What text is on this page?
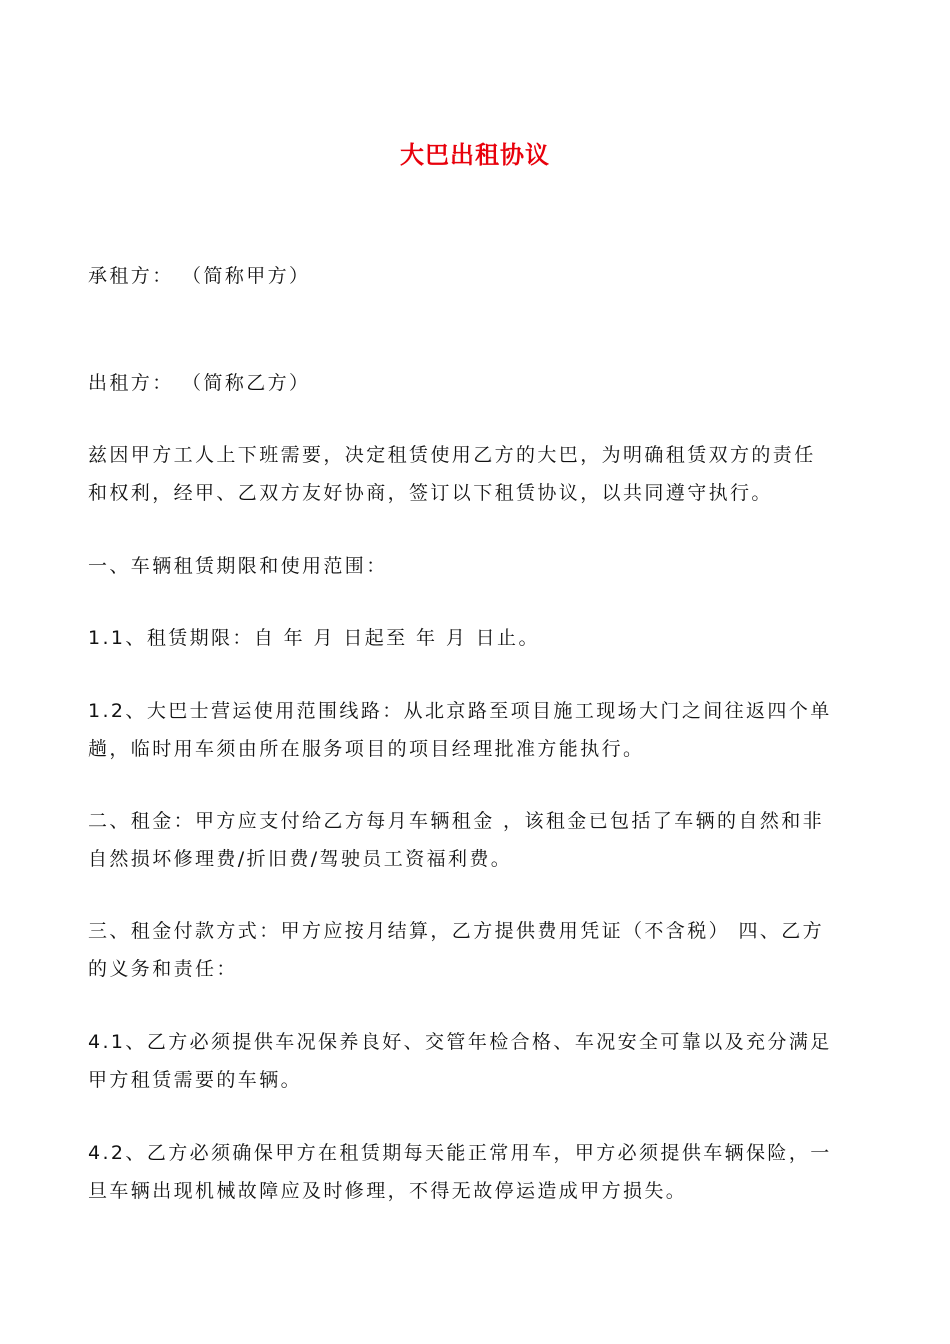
大巴出租协议
承租方： （简称甲方）
出租方： （简称乙方）
兹因甲方工人上下班需要，决定租赁使用乙方的大巴，为明确租赁双方的责任
和权利，经甲、乙双方友好协商，签订以下租赁协议，以共同遵守执行。
一、车辆租赁期限和使用范围：
1.1、租赁期限：自 年 月 日起至 年 月 日止。
1.2、大巴士营运使用范围线路：从北京路至项目施工现场大门之间往返四个单
趟，临时用车须由所在服务项目的项目经理批准方能执行。
二、租金：甲方应支付给乙方每月车辆租金 ，该租金已包括了车辆的自然和非
自然损坏修理费/折旧费/驾驶员工资福利费。
三、租金付款方式：甲方应按月结算，乙方提供费用凭证（不含税） 四、乙方
的义务和责任：
4.1、乙方必须提供车况保养良好、交管年检合格、车况安全可靠以及充分满足
甲方租赁需要的车辆。
4.2、乙方必须确保甲方在租赁期每天能正常用车，甲方必须提供车辆保险，一
旦车辆出现机械故障应及时修理，不得无故停运造成甲方损失。
